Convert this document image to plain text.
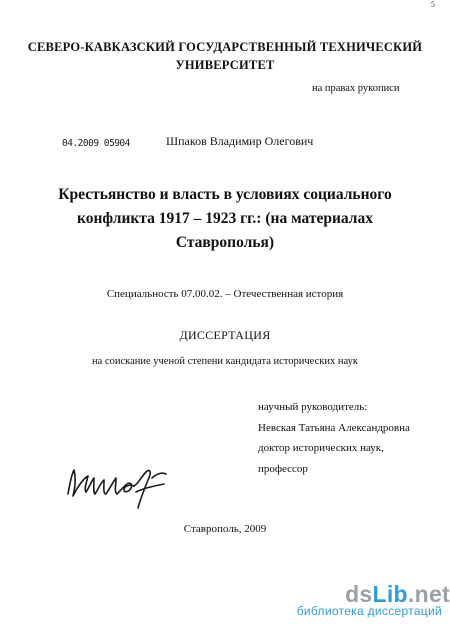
5
СЕВЕРО-КАВКАЗСКИЙ ГОСУДАРСТВЕННЫЙ ТЕХНИЧЕСКИЙ
УНИВЕРСИТЕТ
на правах рукописи
04.2009 05904	Шпаков Владимир Олегович
Крестьянство и власть в условиях социального
конфликта 1917 – 1923 гг.: (на материалах
Ставрополья)
Специальность 07.00.02. – Отечественная история
ДИССЕРТАЦИЯ
на соискание ученой степени кандидата исторических наук
научный руководитель:
Невская Татьяна Александровна
доктор исторических наук,
профессор
Ставрополь, 2009
dsLib.net
библиотека диссертаций
